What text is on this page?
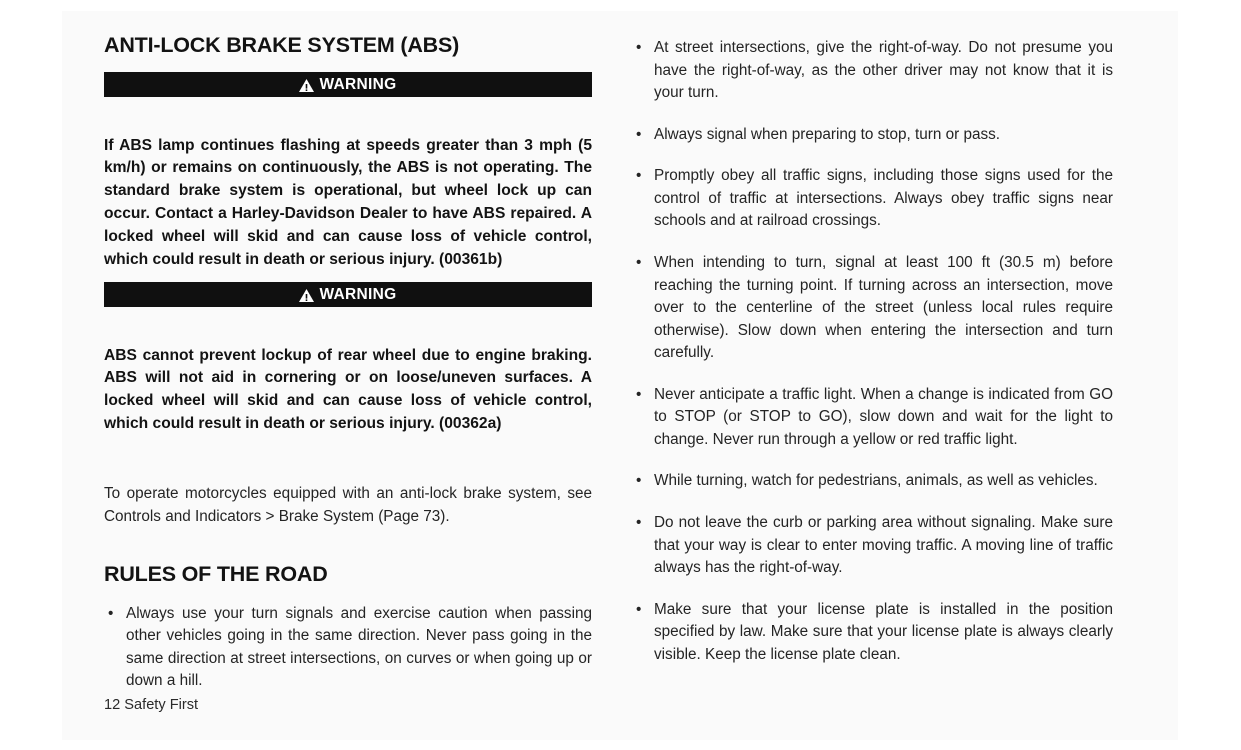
ANTI-LOCK BRAKE SYSTEM (ABS)
WARNING

If ABS lamp continues flashing at speeds greater than 3 mph (5 km/h) or remains on continuously, the ABS is not operating. The standard brake system is operational, but wheel lock up can occur. Contact a Harley-Davidson Dealer to have ABS repaired. A locked wheel will skid and can cause loss of vehicle control, which could result in death or serious injury. (00361b)

WARNING

ABS cannot prevent lockup of rear wheel due to engine braking. ABS will not aid in cornering or on loose/uneven surfaces. A locked wheel will skid and can cause loss of vehicle control, which could result in death or serious injury. (00362a)

To operate motorcycles equipped with an anti-lock brake system, see Controls and Indicators > Brake System (Page 73).

RULES OF THE ROAD
• Always use your turn signals and exercise caution when passing other vehicles going in the same direction. Never pass going in the same direction at street intersections, on curves or when going up or down a hill.
• At street intersections, give the right-of-way. Do not presume you have the right-of-way, as the other driver may not know that it is your turn.
• Always signal when preparing to stop, turn or pass.
• Promptly obey all traffic signs, including those signs used for the control of traffic at intersections. Always obey traffic signs near schools and at railroad crossings.
• When intending to turn, signal at least 100 ft (30.5 m) before reaching the turning point. If turning across an intersection, move over to the centerline of the street (unless local rules require otherwise). Slow down when entering the intersection and turn carefully.
• Never anticipate a traffic light. When a change is indicated from GO to STOP (or STOP to GO), slow down and wait for the light to change. Never run through a yellow or red traffic light.
• While turning, watch for pedestrians, animals, as well as vehicles.
• Do not leave the curb or parking area without signaling. Make sure that your way is clear to enter moving traffic. A moving line of traffic always has the right-of-way.
• Make sure that your license plate is installed in the position specified by law. Make sure that your license plate is always clearly visible. Keep the license plate clean.
12 Safety First
